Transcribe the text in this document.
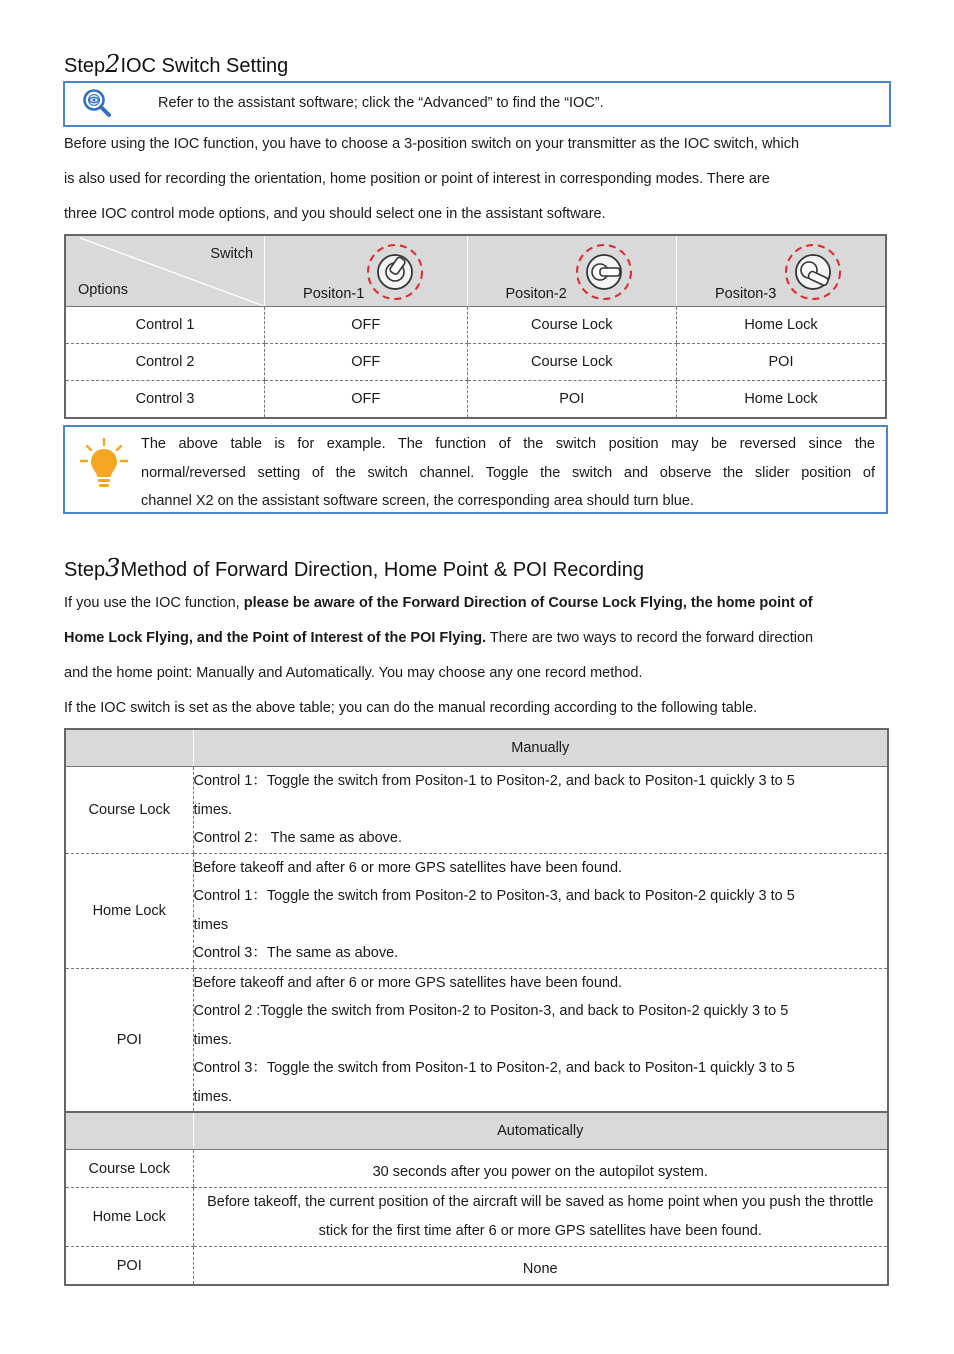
Step2IOC Switch Setting
Refer to the assistant software; click the “Advanced” to find the “IOC”.
Before using the IOC function, you have to choose a 3-position switch on your transmitter as the IOC switch, which
is also used for recording the orientation, home position or point of interest in corresponding modes. There are
three IOC control mode options, and you should select one in the assistant software.
Switch
Options	Positon-1	Positon-2	Positon-3

Control 1	OFF	Course Lock	Home Lock
Control 2	OFF	Course Lock	POI
Control 3	OFF	POI	Home Lock
The above table is for example. The function of the switch position may be reversed since the
normal/reversed setting of the switch channel. Toggle the switch and observe the slider position of
channel X2 on the assistant software screen, the corresponding area should turn blue.
Step3Method of Forward Direction, Home Point & POI Recording
If you use the IOC function, please be aware of the Forward Direction of Course Lock Flying, the home point of
Home Lock Flying, and the Point of Interest of the POI Flying. There are two ways to record the forward direction
and the home point: Manually and Automatically. You may choose any one record method.
If the IOC switch is set as the above table; you can do the manual recording according to the following table.
	Manually
Course Lock	Control 1：Toggle the switch from Positon-1 to Positon-2, and back to Positon-1 quickly 3 to 5
times.
Control 2： The same as above.

Home Lock	Before takeoff and after 6 or more GPS satellites have been found.
Control 1：Toggle the switch from Positon-2 to Positon-3, and back to Positon-2 quickly 3 to 5
times
Control 3：The same as above.

POI	Before takeoff and after 6 or more GPS satellites have been found.
Control 2 :Toggle the switch from Positon-2 to Positon-3, and back to Positon-2 quickly 3 to 5
times.
Control 3：Toggle the switch from Positon-1 to Positon-2, and back to Positon-1 quickly 3 to 5
times.

	Automatically
Course Lock	30 seconds after you power on the autopilot system.
Home Lock	Before takeoff, the current position of the aircraft will be saved as home point when you push the throttle stick for the first time after 6 or more GPS satellites have been found.
POI	None
